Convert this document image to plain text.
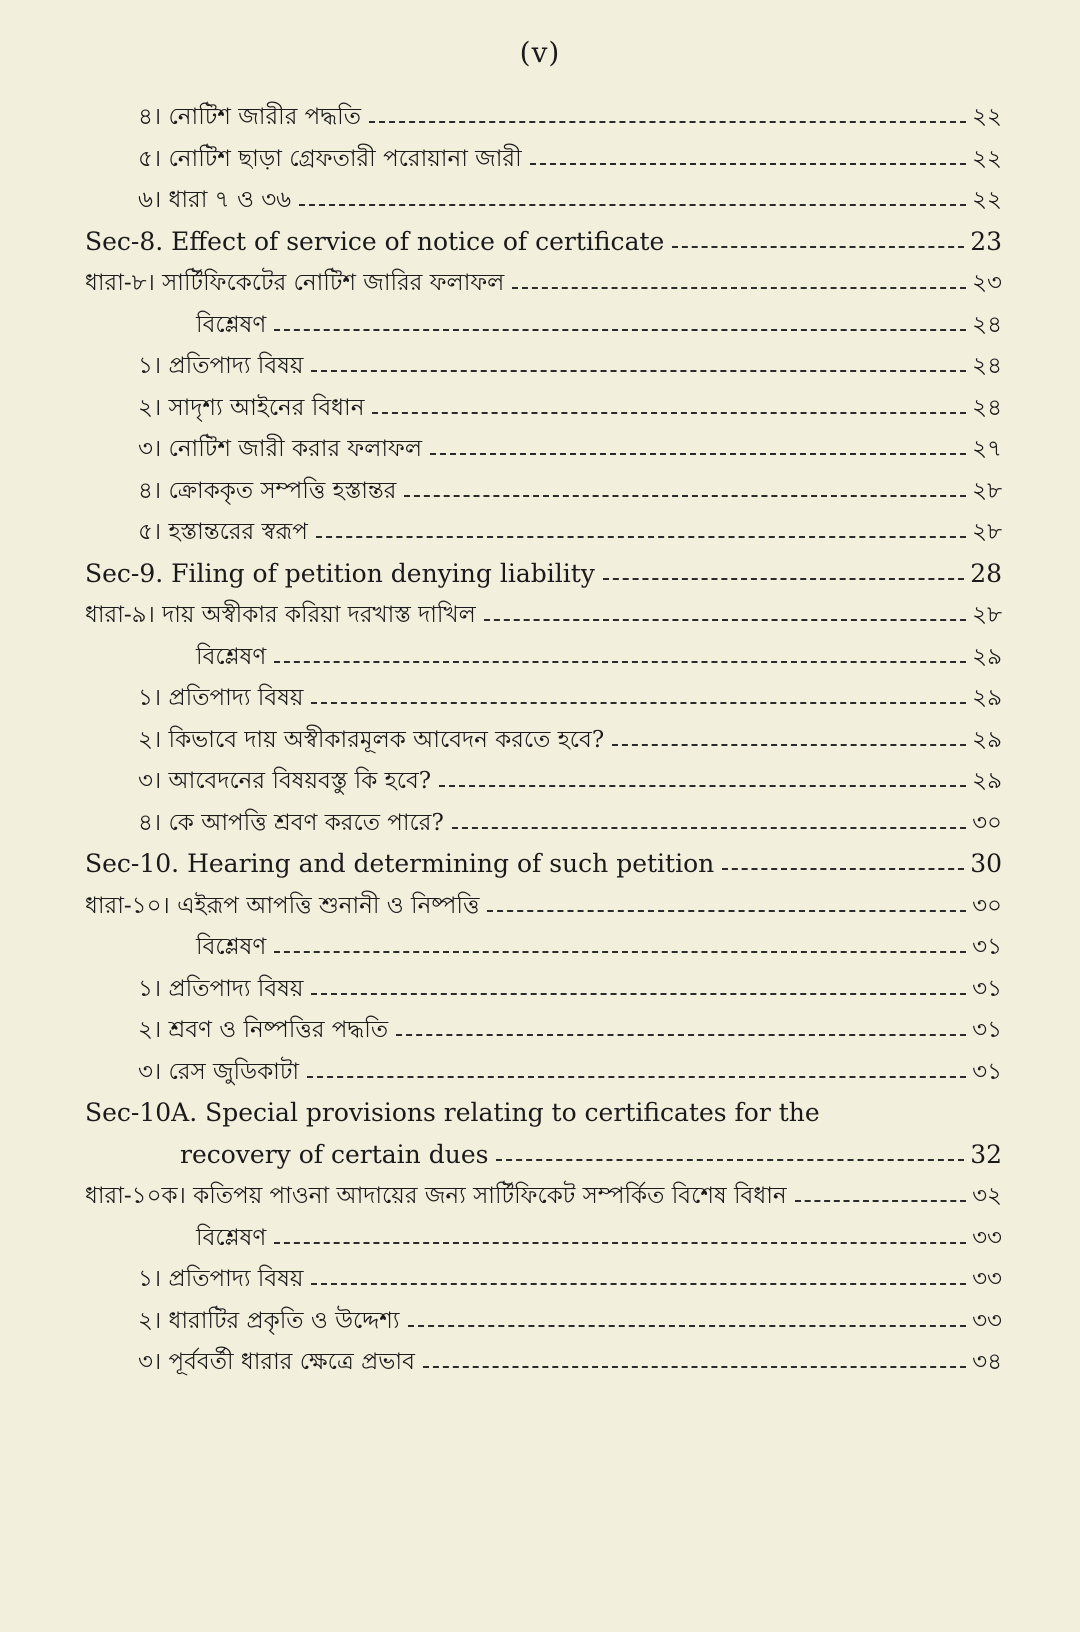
(v)
৪। নোটিশ জারীর পদ্ধতি	২২
৫। নোটিশ ছাড়া গ্রেফতারী পরোয়ানা জারী	২২
৬। ধারা ৭ ও ৩৬	২২
Sec-8. Effect of service of notice of certificate	23
ধারা-৮। সার্টিফিকেটের নোটিশ জারির ফলাফল	২৩
বিশ্লেষণ	২৪
১। প্রতিপাদ্য বিষয়	২৪
২। সাদৃশ্য আইনের বিধান	২৪
৩। নোটিশ জারী করার ফলাফল	২৭
৪। ক্রোককৃত সম্পত্তি হস্তান্তর	২৮
৫। হস্তান্তরের স্বরূপ	২৮
Sec-9. Filing of petition denying liability	28
ধারা-৯। দায় অস্বীকার করিয়া দরখাস্ত দাখিল	২৮
বিশ্লেষণ	২৯
১। প্রতিপাদ্য বিষয়	২৯
২। কিভাবে দায় অস্বীকারমূলক আবেদন করতে হবে?	২৯
৩। আবেদনের বিষয়বস্তু কি হবে?	২৯
৪। কে আপত্তি শ্রবণ করতে পারে?	৩০
Sec-10. Hearing and determining of such petition	30
ধারা-১০। এইরূপ আপত্তি শুনানী ও নিষ্পত্তি	৩০
বিশ্লেষণ	৩১
১। প্রতিপাদ্য বিষয়	৩১
২। শ্রবণ ও নিষ্পত্তির পদ্ধতি	৩১
৩। রেস জুডিকাটা	৩১
Sec-10A. Special provisions relating to certificates for the
recovery of certain dues	32
ধারা-১০ক। কতিপয় পাওনা আদায়ের জন্য সার্টিফিকেট সম্পর্কিত বিশেষ বিধান	৩২
বিশ্লেষণ	৩৩
১। প্রতিপাদ্য বিষয়	৩৩
২। ধারাটির প্রকৃতি ও উদ্দেশ্য	৩৩
৩। পূর্ববর্তী ধারার ক্ষেত্রে প্রভাব	৩৪
